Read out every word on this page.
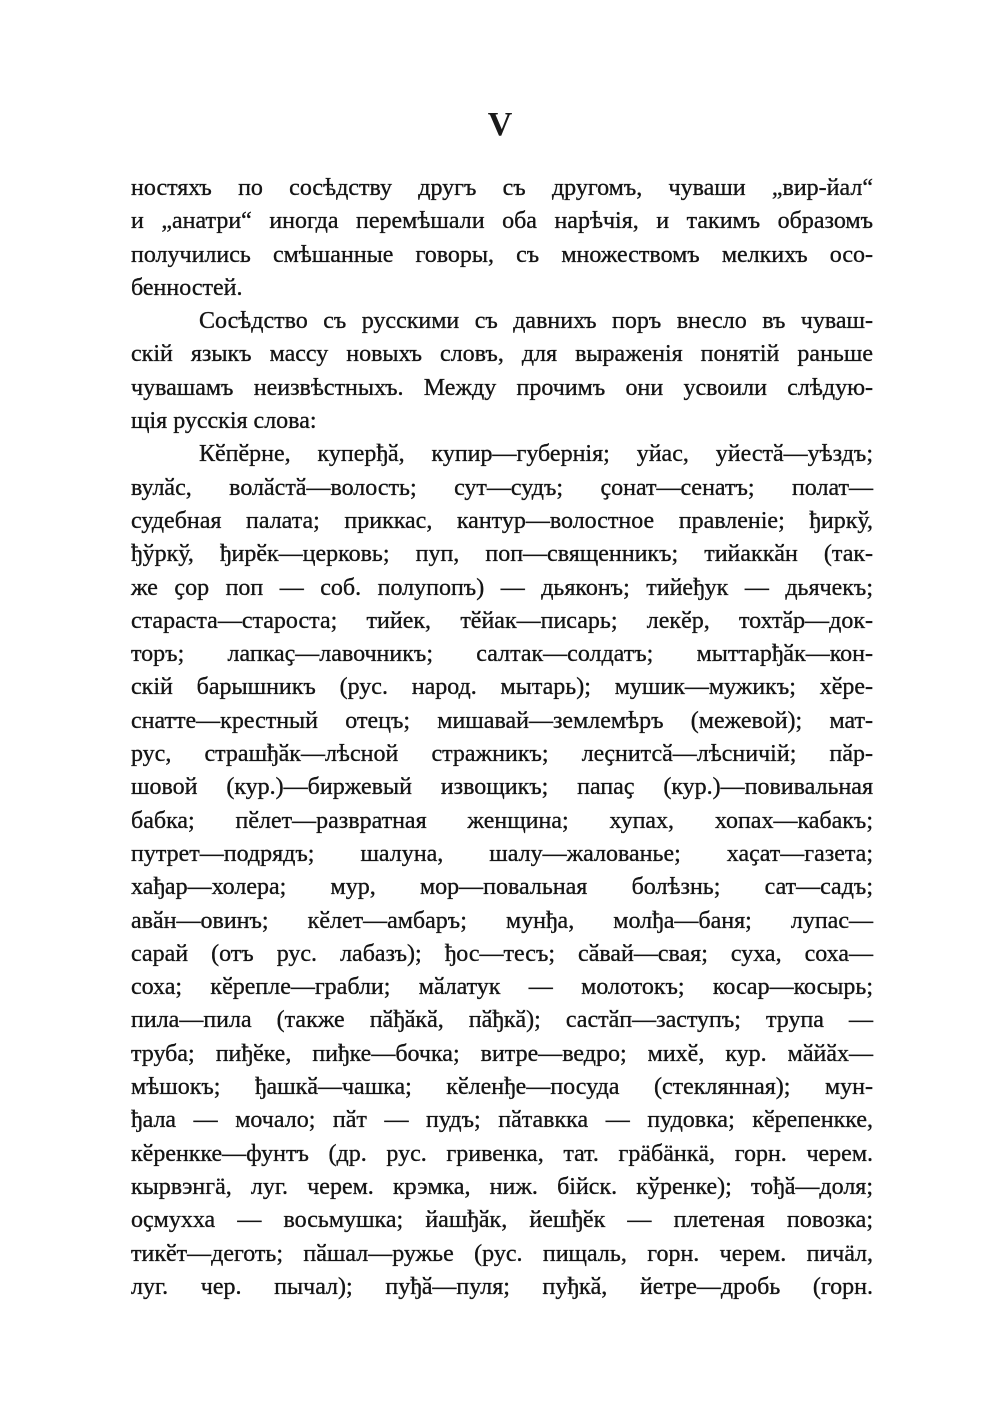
V
ностяхъ по сосѣдству другъ съ другомъ, чуваши „вир-йал“
и „анатри“ иногда перемѣшали оба нарѣчія, и такимъ образомъ
получились смѣшанные говоры, съ множествомъ мелкихъ осо-
бенностей.
Сосѣдство съ русскими съ давнихъ поръ внесло въ чуваш-
скій языкъ массу новыхъ словъ, для выраженія понятій раньше
чувашамъ неизвѣстныхъ. Между прочимъ они усвоили слѣдую-
щія русскія слова:
Кӗпӗрне, куперђӑ, купир—губернія; уйас, уйестӑ—уѣздъ;
вулӑс, волӑстӑ—волость; сут—судъ; ҫонат—сенатъ; полат—
судебная палата; приккас, кантур—волостное правленіе; ђиркў,
ђўркў, ђирӗк—церковь; пуп, поп—священникъ; тийаккӑн (так-
же ҫор поп — соб. полупопъ) — дьяконъ; тийеђук — дьячекъ;
стараста—староста; тийек, тӗйак—писарь; лекӗр, тохтӑр—док-
торъ; лапкаҫ—лавочникъ; салтак—солдатъ; мыттарђӑк—кон-
скій барышникъ (рус. народ. мытарь); мушик—мужикъ; хӗре-
снатте—крестный отецъ; мишавай—землемѣръ (межевой); мат-
рус, страшђӑк—лѣсной стражникъ; леҫнитсӑ—лѣсничій; пӑр-
шовой (кур.)—биржевый извощикъ; папаҫ (кур.)—повивальная
бабка; пӗлет—развратная женщина; хупах, хопах—кабакъ;
путрет—подрядъ; шалуна, шалу—жалованье; хаҫат—газета;
хађар—холера; мур, мор—повальная болѣзнь; сат—садъ;
авӑн—овинъ; кӗлет—амбаръ; мунђа, молђа—баня; лупас—
сарай (отъ рус. лабазъ); ђос—тесъ; сӑвай—свая; суха, соха—
соха; кӗрепле—грабли; мӑлатук — молотокъ; косар—косырь;
пила—пила (также пӑђӑкӑ, пӑђкӑ); састӑп—заступъ; трупа —
труба; пиђӗке, пиђке—бочка; витре—ведро; михӗ, кур. мӑйӑх—
мѣшокъ; ђашкӑ—чашка; кӗленђе—посуда (стеклянная); мун-
ђала — мочало; пӑт — пудъ; пӑтавкка — пудовка; кӗрепенкке,
кӗренкке—фунтъ (др. рус. гривенка, тат. грäбäнкä, горн. черем.
кырвэнгä, луг. черем. крэмка, ниж. бійск. кўренке); тођӑ—доля;
оҫмухха — восьмушка; йашђӑк, йешђӗк — плетеная повозка;
тикӗт—деготь; пӑшал—ружье (рус. пищаль, горн. черем. пичäл,
луг. чер. пычал); пуђӑ—пуля; пуђкӑ, йетре—дробь (горн.
